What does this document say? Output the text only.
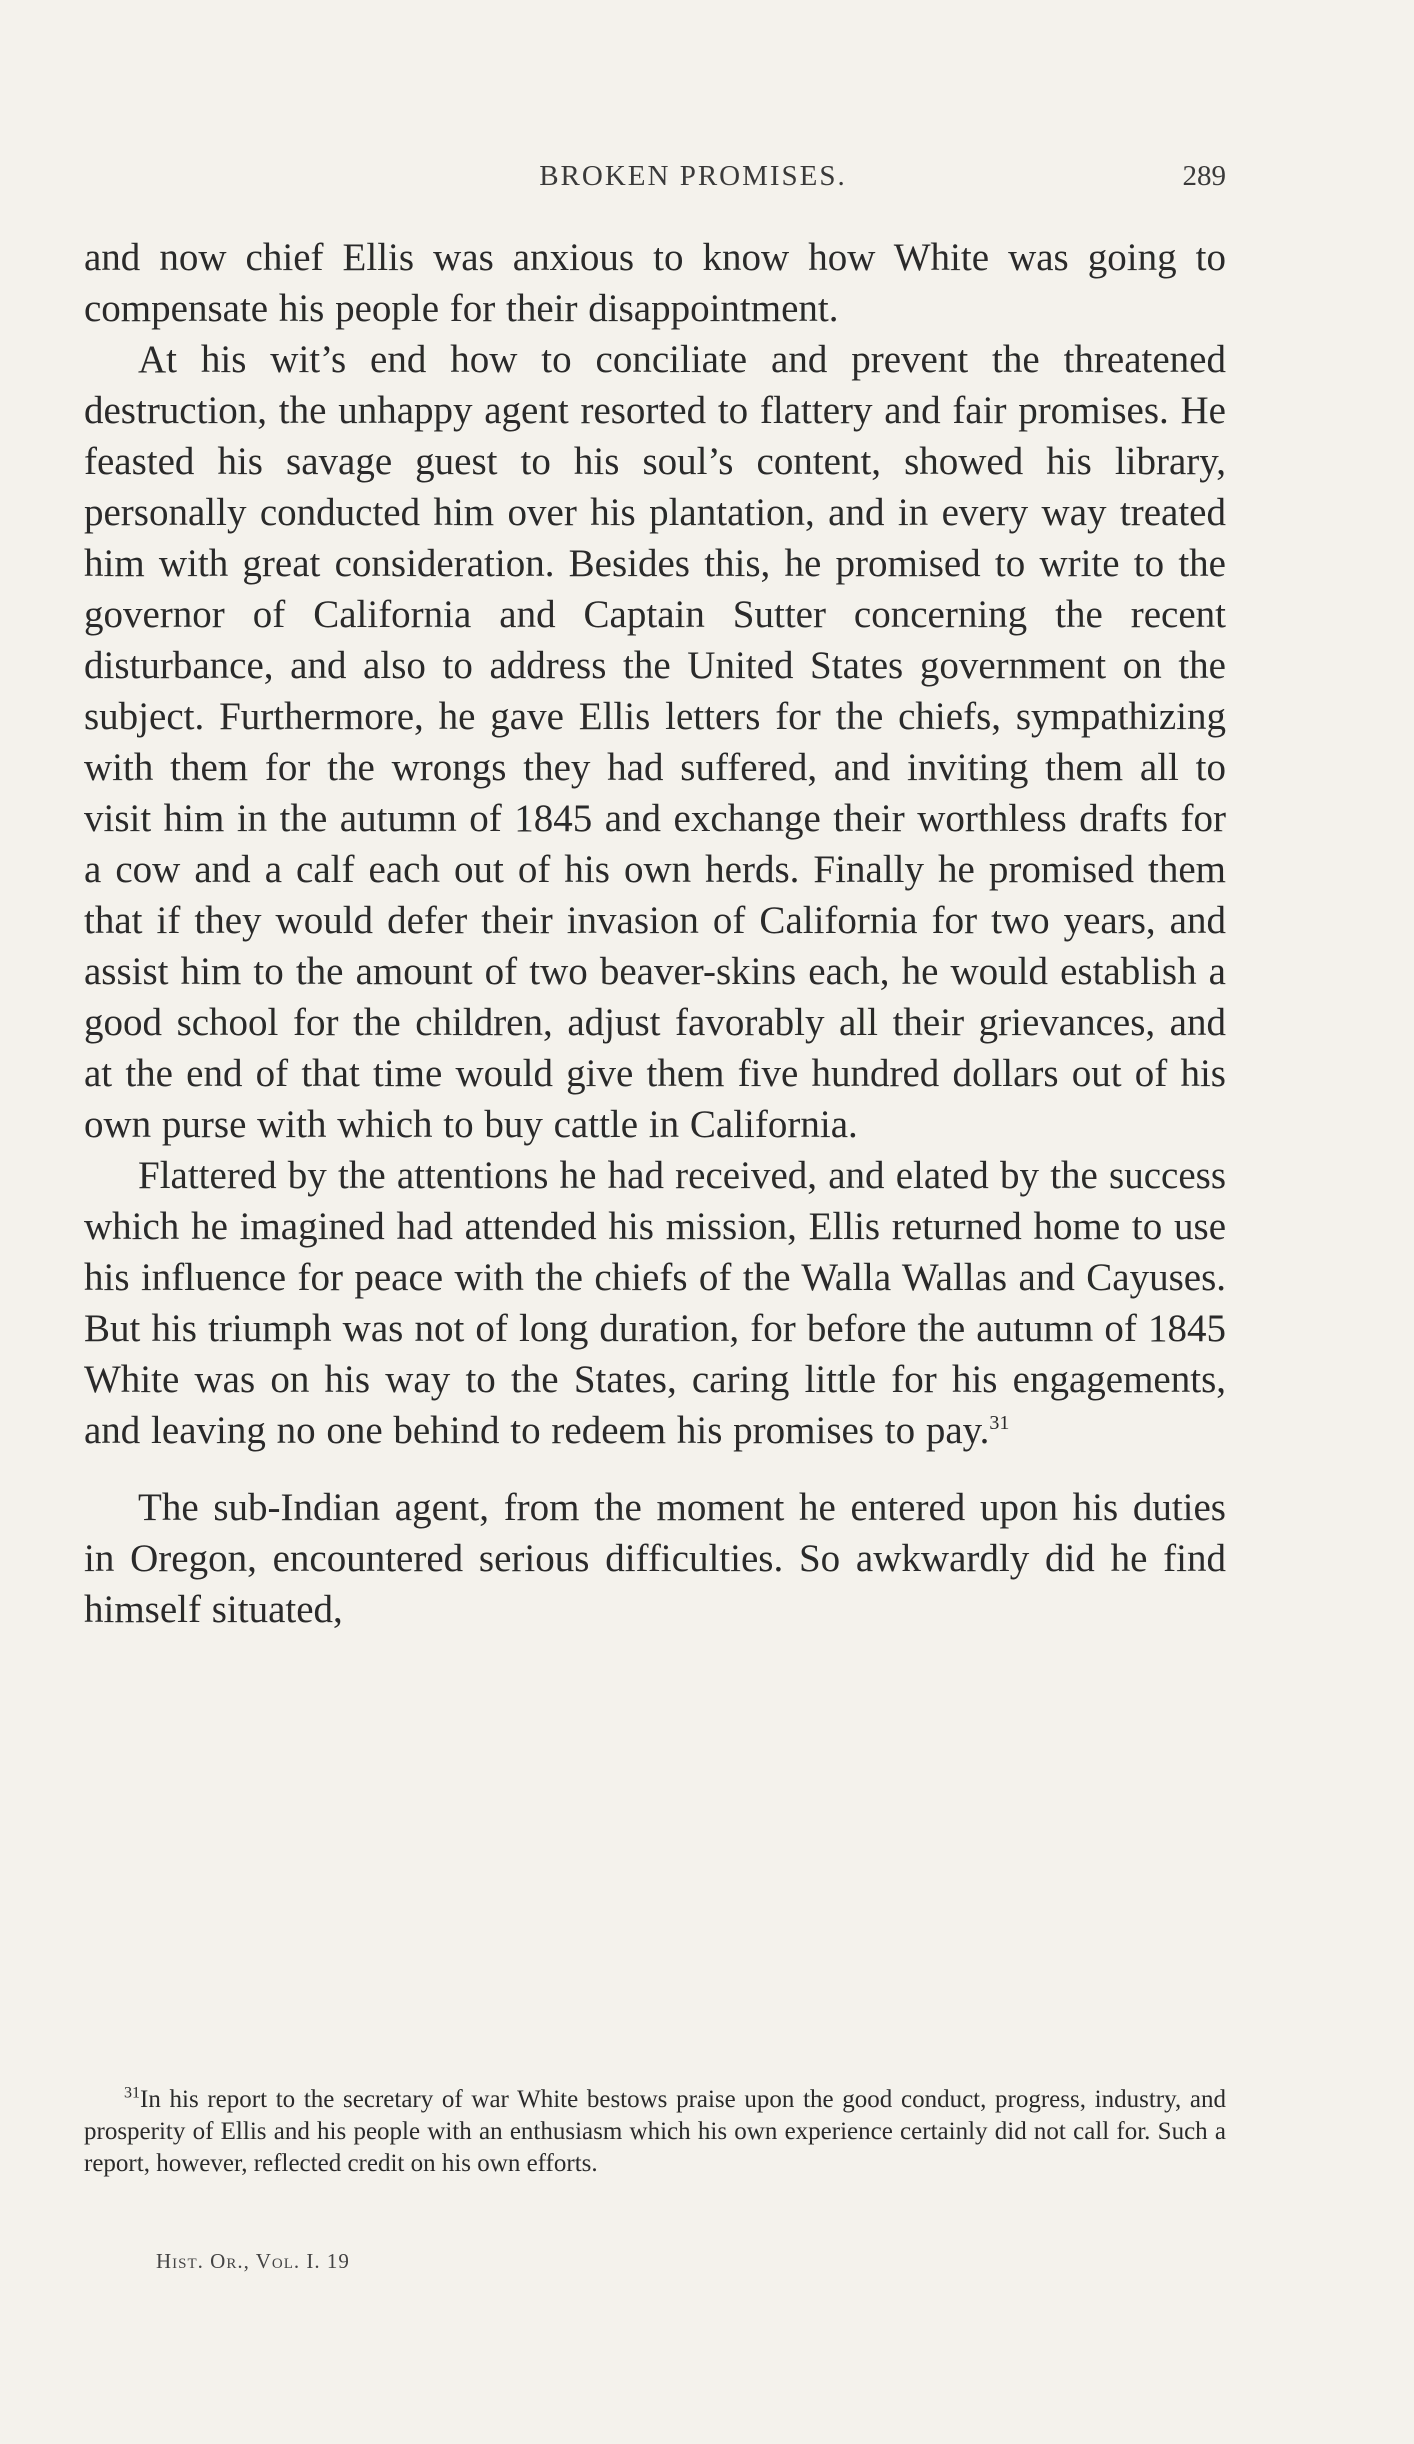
BROKEN PROMISES.	289

and now chief Ellis was anxious to know how White was going to compensate his people for their disappointment.

At his wit’s end how to conciliate and prevent the threatened destruction, the unhappy agent resorted to flattery and fair promises. He feasted his savage guest to his soul’s content, showed his library, personally conducted him over his plantation, and in every way treated him with great consideration. Besides this, he promised to write to the governor of California and Captain Sutter concerning the recent disturbance, and also to address the United States government on the subject. Furthermore, he gave Ellis letters for the chiefs, sympathizing with them for the wrongs they had suffered, and inviting them all to visit him in the autumn of 1845 and exchange their worthless drafts for a cow and a calf each out of his own herds. Finally he promised them that if they would defer their invasion of California for two years, and assist him to the amount of two beaver-skins each, he would establish a good school for the children, adjust favorably all their grievances, and at the end of that time would give them five hundred dollars out of his own purse with which to buy cattle in California.

Flattered by the attentions he had received, and elated by the success which he imagined had attended his mission, Ellis returned home to use his influence for peace with the chiefs of the Walla Wallas and Cayuses. But his triumph was not of long duration, for before the autumn of 1845 White was on his way to the States, caring little for his engagements, and leaving no one behind to redeem his promises to pay.$^{31}$

The sub-Indian agent, from the moment he entered upon his duties in Oregon, encountered serious difficulties. So awkwardly did he find himself situated,

$^{31}$In his report to the secretary of war White bestows praise upon the good conduct, progress, industry, and prosperity of Ellis and his people with an enthusiasm which his own experience certainly did not call for. Such a report, however, reflected credit on his own efforts.

Hist. Or., Vol. I. 19
